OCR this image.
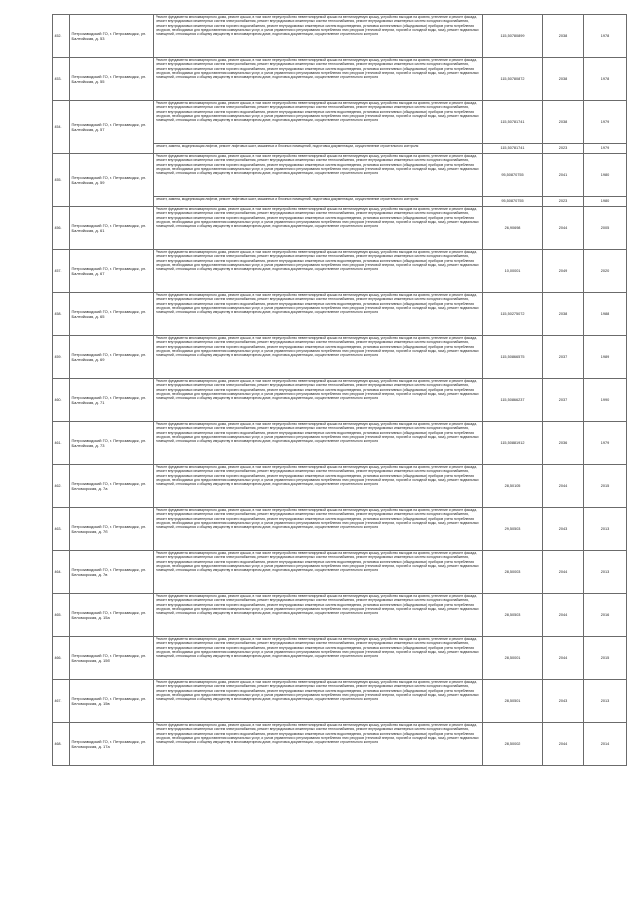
452.	Петрозаводский ГО, г. Петрозаводск, ул. Балтийская, д. 53	Ремонт фундамента многоквартирного дома, ремонт крыши, в том числе переустройство невентилируемой крыши на вентилируемую крышу, устройство выходов на кровлю, утепление и ремонт фасада, ремонт внутридомовых инженерных систем электроснабжения, ремонт внутридомовых инженерных систем теплоснабжения, ремонт внутридомовых инженерных систем холодного водоснабжения, ремонт внутридомовых инженерных систем горячего водоснабжения, ремонт внутридомовых инженерных систем водоотведения, установка коллективных (общедомовых) приборов учета потребления ресурсов, необходимых для предоставления коммунальных услуг, и узлов управления и регулирования потребления этих ресурсов (тепловой энергии, горячей и холодной воды, газа), ремонт подвальных помещений, относящихся к общему имуществу в многоквартирном доме, подготовка документации, осуществление строительного контроля	115,50780899	2038	1978
453.	Петрозаводский ГО, г. Петрозаводск, ул. Балтийская, д. 55	Ремонт фундамента многоквартирного дома, ремонт крыши, в том числе переустройство невентилируемой крыши на вентилируемую крышу, устройство выходов на кровлю, утепление и ремонт фасада, ремонт внутридомовых инженерных систем электроснабжения, ремонт внутридомовых инженерных систем теплоснабжения, ремонт внутридомовых инженерных систем холодного водоснабжения, ремонт внутридомовых инженерных систем горячего водоснабжения, ремонт внутридомовых инженерных систем водоотведения, установка коллективных (общедомовых) приборов учета потребления ресурсов, необходимых для предоставления коммунальных услуг, и узлов управления и регулирования потребления этих ресурсов (тепловой энергии, горячей и холодной воды, газа), ремонт подвальных помещений, относящихся к общему имуществу в многоквартирном доме, подготовка документации, осуществление строительного контроля	115,50780872	2038	1978
454.	Петрозаводский ГО, г. Петрозаводск, ул. Балтийская, д. 57	Ремонт фундамента многоквартирного дома, ремонт крыши, в том числе переустройство невентилируемой крыши на вентилируемую крышу, устройство выходов на кровлю, утепление и ремонт фасада, ремонт внутридомовых инженерных систем электроснабжения, ремонт внутридомовых инженерных систем теплоснабжения, ремонт внутридомовых инженерных систем холодного водоснабжения, ремонт внутридомовых инженерных систем горячего водоснабжения, ремонт внутридомовых инженерных систем водоотведения, установка коллективных (общедомовых) приборов учета потребления ресурсов, необходимых для предоставления коммунальных услуг, и узлов управления и регулирования потребления этих ресурсов (тепловой энергии, горячей и холодной воды, газа), ремонт подвальных помещений, относящихся к общему имуществу в многоквартирном доме, подготовка документации, осуществление строительного контроля	115,50781741	2038	1979

		ремонт, замена, модернизация лифтов, ремонт лифтовых шахт, машинных и блочных помещений, подготовка документации, осуществление строительного контроля	115,50781741	2023	1979
455.	Петрозаводский ГО, г. Петрозаводск, ул. Балтийская, д. 59	Ремонт фундамента многоквартирного дома, ремонт крыши, в том числе переустройство невентилируемой крыши на вентилируемую крышу, устройство выходов на кровлю, утепление и ремонт фасада, ремонт внутридомовых инженерных систем электроснабжения, ремонт внутридомовых инженерных систем теплоснабжения, ремонт внутридомовых инженерных систем холодного водоснабжения, ремонт внутридомовых инженерных систем горячего водоснабжения, ремонт внутридомовых инженерных систем водоотведения, установка коллективных (общедомовых) приборов учета потребления ресурсов, необходимых для предоставления коммунальных услуг, и узлов управления и регулирования потребления этих ресурсов (тепловой энергии, горячей и холодной воды, газа), ремонт подвальных помещений, относящихся к общему имуществу в многоквартирном доме, подготовка документации, осуществление строительного контроля	95,50870755	2041	1980

		ремонт, замена, модернизация лифтов, ремонт лифтовых шахт, машинных и блочных помещений, подготовка документации, осуществление строительного контроля	95,50870755	2023	1980
456.	Петрозаводский ГО, г. Петрозаводск, ул. Балтийская, д. 61	Ремонт фундамента многоквартирного дома, ремонт крыши, в том числе переустройство невентилируемой крыши на вентилируемую крышу, устройство выходов на кровлю, утепление и ремонт фасада, ремонт внутридомовых инженерных систем электроснабжения, ремонт внутридомовых инженерных систем теплоснабжения, ремонт внутридомовых инженерных систем холодного водоснабжения, ремонт внутридомовых инженерных систем горячего водоснабжения, ремонт внутридомовых инженерных систем водоотведения, установка коллективных (общедомовых) приборов учета потребления ресурсов, необходимых для предоставления коммунальных услуг, и узлов управления и регулирования потребления этих ресурсов (тепловой энергии, горячей и холодной воды, газа), ремонт подвальных помещений, относящихся к общему имуществу в многоквартирном доме, подготовка документации, осуществление строительного контроля	26,90698	2044	2005
457.	Петрозаводский ГО, г. Петрозаводск, ул. Балтийская, д. 67	Ремонт фундамента многоквартирного дома, ремонт крыши, в том числе переустройство невентилируемой крыши на вентилируемую крышу, устройство выходов на кровлю, утепление и ремонт фасада, ремонт внутридомовых инженерных систем электроснабжения, ремонт внутридомовых инженерных систем теплоснабжения, ремонт внутридомовых инженерных систем холодного водоснабжения, ремонт внутридомовых инженерных систем горячего водоснабжения, ремонт внутридомовых инженерных систем водоотведения, установка коллективных (общедомовых) приборов учета потребления ресурсов, необходимых для предоставления коммунальных услуг, и узлов управления и регулирования потребления этих ресурсов (тепловой энергии, горячей и холодной воды, газа), ремонт подвальных помещений, относящихся к общему имуществу в многоквартирном доме, подготовка документации, осуществление строительного контроля	10,00001	2049	2020
458.	Петрозаводский ГО, г. Петрозаводск, ул. Балтийская, д. 65	Ремонт фундамента многоквартирного дома, ремонт крыши, в том числе переустройство невентилируемой крыши на вентилируемую крышу, устройство выходов на кровлю, утепление и ремонт фасада, ремонт внутридомовых инженерных систем электроснабжения, ремонт внутридомовых инженерных систем теплоснабжения, ремонт внутридомовых инженерных систем холодного водоснабжения, ремонт внутридомовых инженерных систем горячего водоснабжения, ремонт внутридомовых инженерных систем водоотведения, установка коллективных (общедомовых) приборов учета потребления ресурсов, необходимых для предоставления коммунальных услуг, и узлов управления и регулирования потребления этих ресурсов (тепловой энергии, горячей и холодной воды, газа), ремонт подвальных помещений, относящихся к общему имуществу в многоквартирном доме, подготовка документации, осуществление строительного контроля	115,50275072	2038	1988
459.	Петрозаводский ГО, г. Петрозаводск, ул. Балтийская, д. 69	Ремонт фундамента многоквартирного дома, ремонт крыши, в том числе переустройство невентилируемой крыши на вентилируемую крышу, устройство выходов на кровлю, утепление и ремонт фасада, ремонт внутридомовых инженерных систем электроснабжения, ремонт внутридомовых инженерных систем теплоснабжения, ремонт внутридомовых инженерных систем холодного водоснабжения, ремонт внутридомовых инженерных систем горячего водоснабжения, ремонт внутридомовых инженерных систем водоотведения, установка коллективных (общедомовых) приборов учета потребления ресурсов, необходимых для предоставления коммунальных услуг, и узлов управления и регулирования потребления этих ресурсов (тепловой энергии, горячей и холодной воды, газа), ремонт подвальных помещений, относящихся к общему имуществу в многоквартирном доме, подготовка документации, осуществление строительного контроля	115,50866575	2037	1989
460.	Петрозаводский ГО, г. Петрозаводск, ул. Балтийская, д. 71	Ремонт фундамента многоквартирного дома, ремонт крыши, в том числе переустройство невентилируемой крыши на вентилируемую крышу, устройство выходов на кровлю, утепление и ремонт фасада, ремонт внутридомовых инженерных систем электроснабжения, ремонт внутридомовых инженерных систем теплоснабжения, ремонт внутридомовых инженерных систем холодного водоснабжения, ремонт внутридомовых инженерных систем горячего водоснабжения, ремонт внутридомовых инженерных систем водоотведения, установка коллективных (общедомовых) приборов учета потребления ресурсов, необходимых для предоставления коммунальных услуг, и узлов управления и регулирования потребления этих ресурсов (тепловой энергии, горячей и холодной воды, газа), ремонт подвальных помещений, относящихся к общему имуществу в многоквартирном доме, подготовка документации, осуществление строительного контроля	115,50866237	2037	1990
461.	Петрозаводский ГО, г. Петрозаводск, ул. Балтийская, д. 73	Ремонт фундамента многоквартирного дома, ремонт крыши, в том числе переустройство невентилируемой крыши на вентилируемую крышу, устройство выходов на кровлю, утепление и ремонт фасада, ремонт внутридомовых инженерных систем электроснабжения, ремонт внутридомовых инженерных систем теплоснабжения, ремонт внутридомовых инженерных систем холодного водоснабжения, ремонт внутридомовых инженерных систем горячего водоснабжения, ремонт внутридомовых инженерных систем водоотведения, установка коллективных (общедомовых) приборов учета потребления ресурсов, необходимых для предоставления коммунальных услуг, и узлов управления и регулирования потребления этих ресурсов (тепловой энергии, горячей и холодной воды, газа), ремонт подвальных помещений, относящихся к общему имуществу в многоквартирном доме, подготовка документации, осуществление строительного контроля	115,50881912	2036	1979
462.	Петрозаводский ГО, г. Петрозаводск, ул. Беломорская, д. 7а	Ремонт фундамента многоквартирного дома, ремонт крыши, в том числе переустройство невентилируемой крыши на вентилируемую крышу, устройство выходов на кровлю, утепление и ремонт фасада, ремонт внутридомовых инженерных систем электроснабжения, ремонт внутридомовых инженерных систем теплоснабжения, ремонт внутридомовых инженерных систем холодного водоснабжения, ремонт внутридомовых инженерных систем горячего водоснабжения, ремонт внутридомовых инженерных систем водоотведения, установка коллективных (общедомовых) приборов учета потребления ресурсов, необходимых для предоставления коммунальных услуг, и узлов управления и регулирования потребления этих ресурсов (тепловой энергии, горячей и холодной воды, газа), ремонт подвальных помещений, относящихся к общему имуществу в многоквартирном доме, подготовка документации, осуществление строительного контроля	28,50105	2044	2015
463.	Петрозаводский ГО, г. Петрозаводск, ул. Беломорская, д. 7б	Ремонт фундамента многоквартирного дома, ремонт крыши, в том числе переустройство невентилируемой крыши на вентилируемую крышу, устройство выходов на кровлю, утепление и ремонт фасада, ремонт внутридомовых инженерных систем электроснабжения, ремонт внутридомовых инженерных систем теплоснабжения, ремонт внутридомовых инженерных систем холодного водоснабжения, ремонт внутридомовых инженерных систем горячего водоснабжения, ремонт внутридомовых инженерных систем водоотведения, установка коллективных (общедомовых) приборов учета потребления ресурсов, необходимых для предоставления коммунальных услуг, и узлов управления и регулирования потребления этих ресурсов (тепловой энергии, горячей и холодной воды, газа), ремонт подвальных помещений, относящихся к общему имуществу в многоквартирном доме, подготовка документации, осуществление строительного контроля	29,50503	2043	2013
464.	Петрозаводский ГО, г. Петрозаводск, ул. Беломорская, д. 7в	Ремонт фундамента многоквартирного дома, ремонт крыши, в том числе переустройство невентилируемой крыши на вентилируемую крышу, устройство выходов на кровлю, утепление и ремонт фасада, ремонт внутридомовых инженерных систем электроснабжения, ремонт внутридомовых инженерных систем теплоснабжения, ремонт внутридомовых инженерных систем холодного водоснабжения, ремонт внутридомовых инженерных систем горячего водоснабжения, ремонт внутридомовых инженерных систем водоотведения, установка коллективных (общедомовых) приборов учета потребления ресурсов, необходимых для предоставления коммунальных услуг, и узлов управления и регулирования потребления этих ресурсов (тепловой энергии, горячей и холодной воды, газа), ремонт подвальных помещений, относящихся к общему имуществу в многоквартирном доме, подготовка документации, осуществление строительного контроля	28,50003	2044	2013
465.	Петрозаводский ГО, г. Петрозаводск, ул. Беломорская, д. 15а	Ремонт фундамента многоквартирного дома, ремонт крыши, в том числе переустройство невентилируемой крыши на вентилируемую крышу, устройство выходов на кровлю, утепление и ремонт фасада, ремонт внутридомовых инженерных систем электроснабжения, ремонт внутридомовых инженерных систем теплоснабжения, ремонт внутридомовых инженерных систем холодного водоснабжения, ремонт внутридомовых инженерных систем горячего водоснабжения, ремонт внутридомовых инженерных систем водоотведения, установка коллективных (общедомовых) приборов учета потребления ресурсов, необходимых для предоставления коммунальных услуг, и узлов управления и регулирования потребления этих ресурсов (тепловой энергии, горячей и холодной воды, газа), ремонт подвальных помещений, относящихся к общему имуществу в многоквартирном доме, подготовка документации, осуществление строительного контроля	28,50503	2044	2016
466.	Петрозаводский ГО, г. Петрозаводск, ул. Беломорская, д. 15б	Ремонт фундамента многоквартирного дома, ремонт крыши, в том числе переустройство невентилируемой крыши на вентилируемую крышу, устройство выходов на кровлю, утепление и ремонт фасада, ремонт внутридомовых инженерных систем электроснабжения, ремонт внутридомовых инженерных систем теплоснабжения, ремонт внутридомовых инженерных систем холодного водоснабжения, ремонт внутридомовых инженерных систем горячего водоснабжения, ремонт внутридомовых инженерных систем водоотведения, установка коллективных (общедомовых) приборов учета потребления ресурсов, необходимых для предоставления коммунальных услуг, и узлов управления и регулирования потребления этих ресурсов (тепловой энергии, горячей и холодной воды, газа), ремонт подвальных помещений, относящихся к общему имуществу в многоквартирном доме, подготовка документации, осуществление строительного контроля	28,50001	2044	2015
467.	Петрозаводский ГО, г. Петрозаводск, ул. Беломорская, д. 15в	Ремонт фундамента многоквартирного дома, ремонт крыши, в том числе переустройство невентилируемой крыши на вентилируемую крышу, устройство выходов на кровлю, утепление и ремонт фасада, ремонт внутридомовых инженерных систем электроснабжения, ремонт внутридомовых инженерных систем теплоснабжения, ремонт внутридомовых инженерных систем холодного водоснабжения, ремонт внутридомовых инженерных систем горячего водоснабжения, ремонт внутридомовых инженерных систем водоотведения, установка коллективных (общедомовых) приборов учета потребления ресурсов, необходимых для предоставления коммунальных услуг, и узлов управления и регулирования потребления этих ресурсов (тепловой энергии, горячей и холодной воды, газа), ремонт подвальных помещений, относящихся к общему имуществу в многоквартирном доме, подготовка документации, осуществление строительного контроля	28,50501	2043	2013
468.	Петрозаводский ГО, г. Петрозаводск, ул. Беломорская, д. 17а	Ремонт фундамента многоквартирного дома, ремонт крыши, в том числе переустройство невентилируемой крыши на вентилируемую крышу, устройство выходов на кровлю, утепление и ремонт фасада, ремонт внутридомовых инженерных систем электроснабжения, ремонт внутридомовых инженерных систем теплоснабжения, ремонт внутридомовых инженерных систем холодного водоснабжения, ремонт внутридомовых инженерных систем горячего водоснабжения, ремонт внутридомовых инженерных систем водоотведения, установка коллективных (общедомовых) приборов учета потребления ресурсов, необходимых для предоставления коммунальных услуг, и узлов управления и регулирования потребления этих ресурсов (тепловой энергии, горячей и холодной воды, газа), ремонт подвальных помещений, относящихся к общему имуществу в многоквартирном доме, подготовка документации, осуществление строительного контроля	28,50002	2044	2014
